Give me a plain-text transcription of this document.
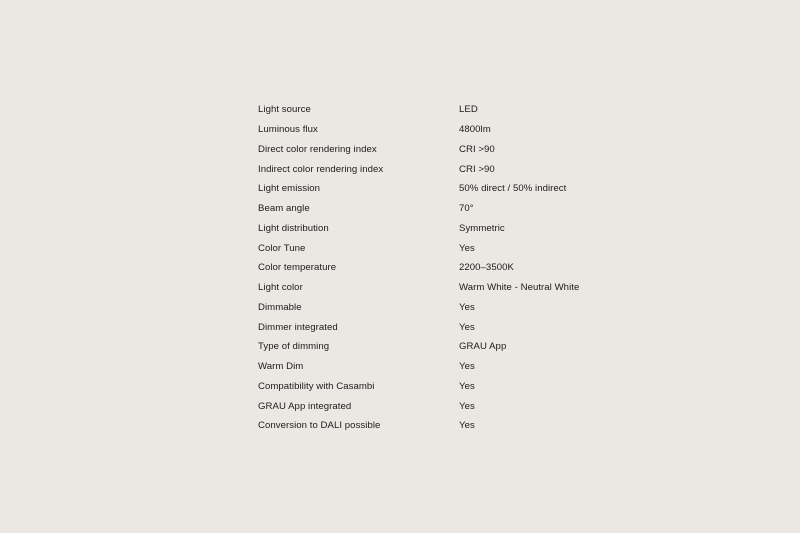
Light source	LED
Luminous flux	4800lm
Direct color rendering index	CRI >90
Indirect color rendering index	CRI >90
Light emission	50% direct / 50% indirect
Beam angle	70°
Light distribution	Symmetric
Color Tune	Yes
Color temperature	2200–3500K
Light color	Warm White - Neutral White
Dimmable	Yes
Dimmer integrated	Yes
Type of dimming	GRAU App
Warm Dim	Yes
Compatibility with Casambi	Yes
GRAU App integrated	Yes
Conversion to DALI possible	Yes
